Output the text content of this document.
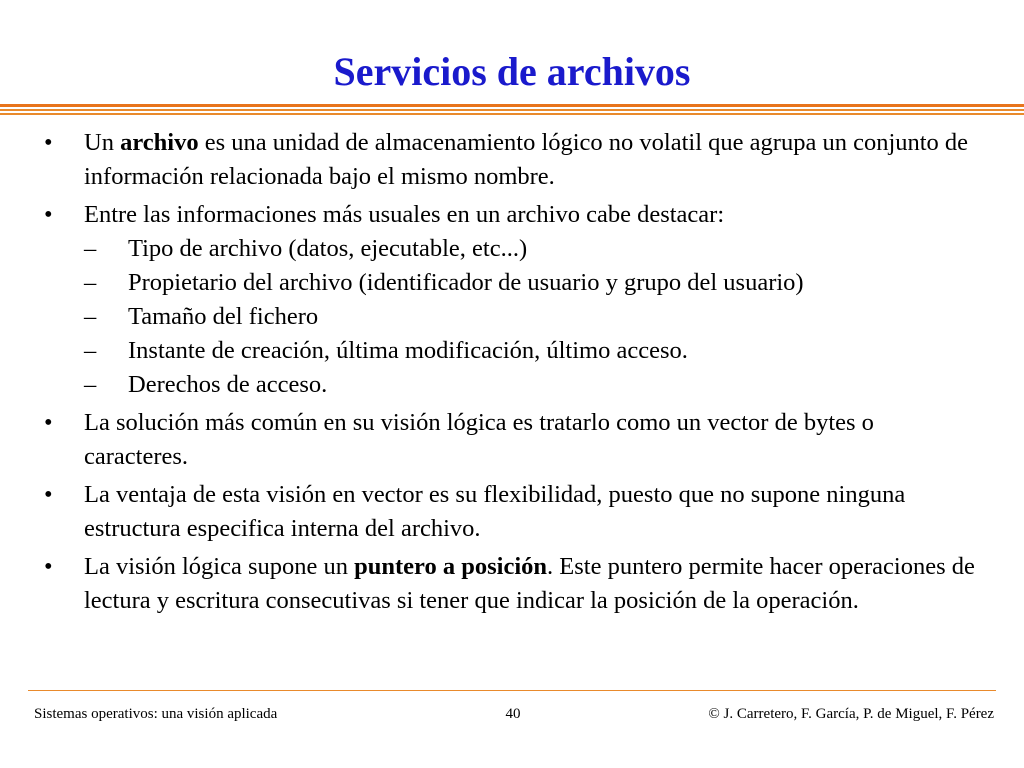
Servicios de archivos
• Un archivo es una unidad de almacenamiento lógico no volatil que agrupa un conjunto de información relacionada bajo el mismo nombre.
• Entre las informaciones más usuales en un archivo cabe destacar:
– Tipo de archivo (datos, ejecutable, etc...)
– Propietario del archivo (identificador de usuario y grupo del usuario)
– Tamaño del fichero
– Instante de creación, última modificación, último acceso.
– Derechos de acceso.
• La solución más común en su visión lógica es tratarlo como un vector de bytes o caracteres.
• La ventaja de esta visión en vector es su flexibilidad, puesto que no supone ninguna estructura especifica interna del archivo.
• La visión lógica supone un puntero a posición. Este puntero permite hacer operaciones de lectura y escritura consecutivas si tener que indicar la posición de la operación.
Sistemas operativos: una visión aplicada	40	© J. Carretero, F. García, P. de Miguel, F. Pérez
